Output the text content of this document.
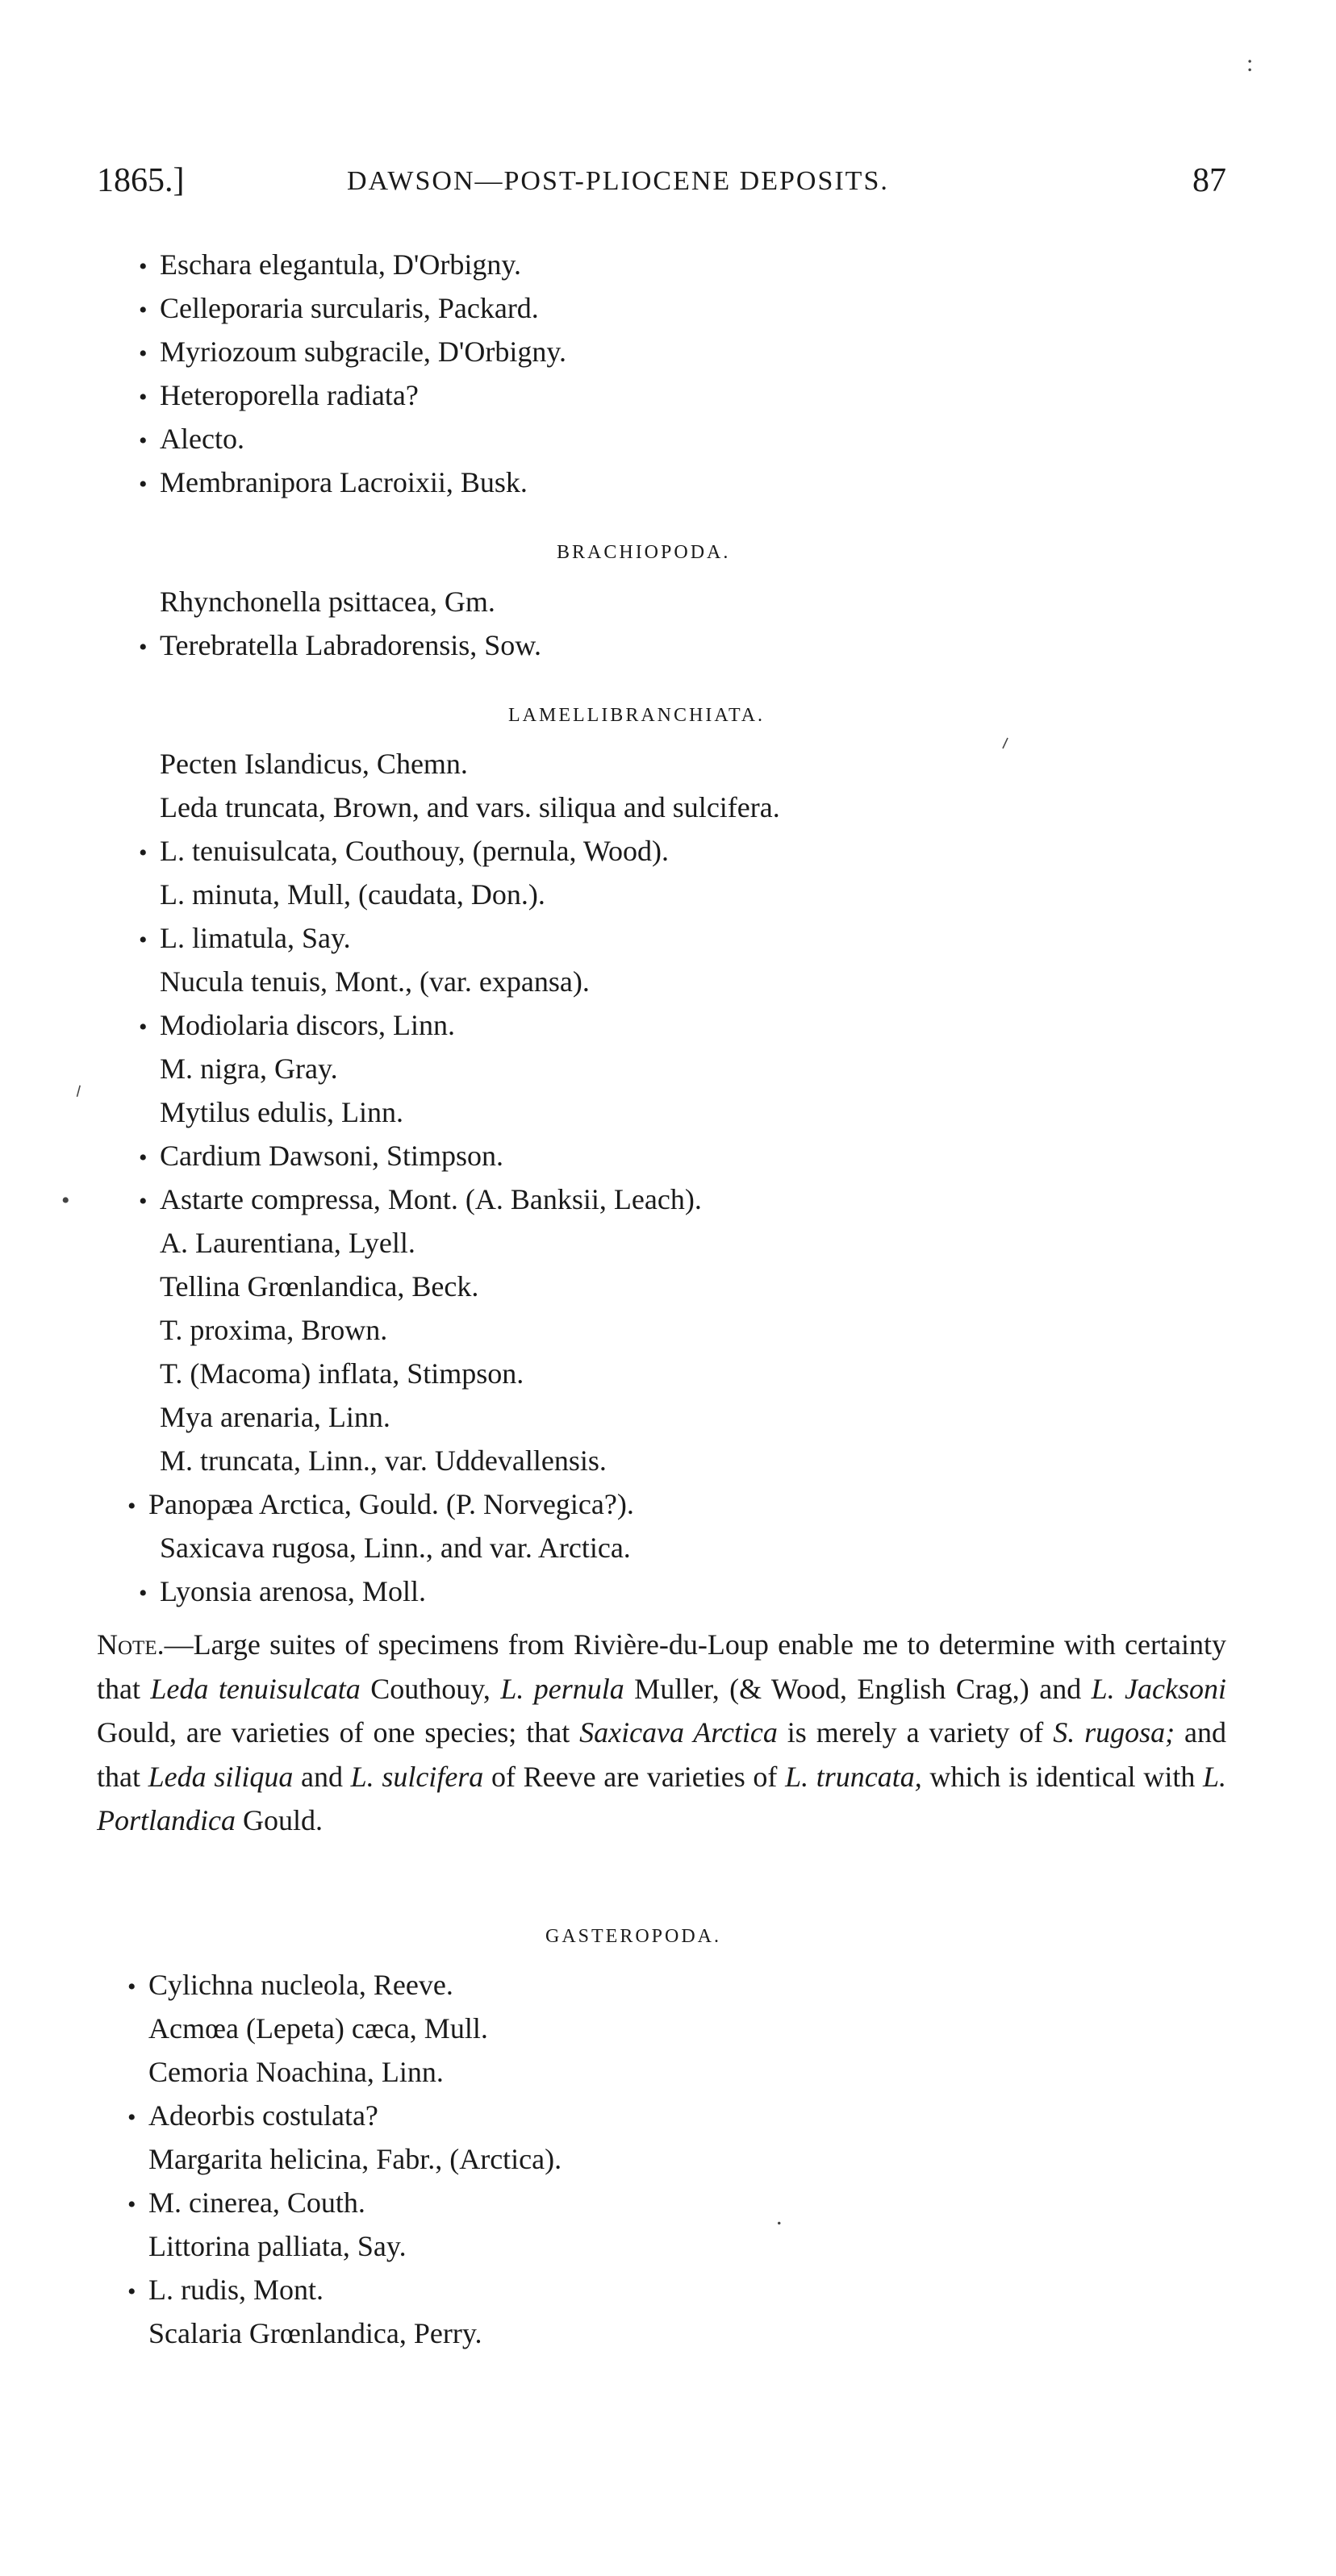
1865.]	DAWSON—POST-PLIOCENE DEPOSITS.	87
:
• Eschara elegantula, D'Orbigny.
• Celleporaria surcularis, Packard.
• Myriozoum subgracile, D'Orbigny.
• Heteroporella radiata?
• Alecto.
• Membranipora Lacroixii, Busk.
BRACHIOPODA.
Rhynchonella psittacea, Gm.
• Terebratella Labradorensis, Sow.
LAMELLIBRANCHIATA.
⸍
Pecten Islandicus, Chemn.
Leda truncata, Brown, and vars. siliqua and sulcifera.
• L. tenuisulcata, Couthouy, (pernula, Wood).
L. minuta, Mull, (caudata, Don.).
• L. limatula, Say.
Nucula tenuis, Mont., (var. expansa).
• Modiolaria discors, Linn.
M. nigra, Gray.
⸍
Mytilus edulis, Linn.
• Cardium Dawsoni, Stimpson.
•	• Astarte compressa, Mont. (A. Banksii, Leach).
A. Laurentiana, Lyell.
Tellina Grœnlandica, Beck.
T. proxima, Brown.
T. (Macoma) inflata, Stimpson.
Mya arenaria, Linn.
M. truncata, Linn., var. Uddevallensis.
• Panopæa Arctica, Gould. (P. Norvegica?).
Saxicava rugosa, Linn., and var. Arctica.
• Lyonsia arenosa, Moll.
Note.—Large suites of specimens from Rivière-du-Loup enable me to determine with certainty that Leda tenuisulcata Couthouy, L. pernula Muller, (& Wood, English Crag,) and L. Jacksoni Gould, are varieties of one species; that Saxicava Arctica is merely a variety of S. rugosa; and that Leda siliqua and L. sulcifera of Reeve are varieties of L. truncata, which is identical with L. Portlandica Gould.
GASTEROPODA.
• Cylichna nucleola, Reeve.
Acmœa (Lepeta) cæca, Mull.
Cemoria Noachina, Linn.
• Adeorbis costulata?
Margarita helicina, Fabr., (Arctica).
• M. cinerea, Couth.	.
Littorina palliata, Say.
• L. rudis, Mont.
Scalaria Grœnlandica, Perry.
